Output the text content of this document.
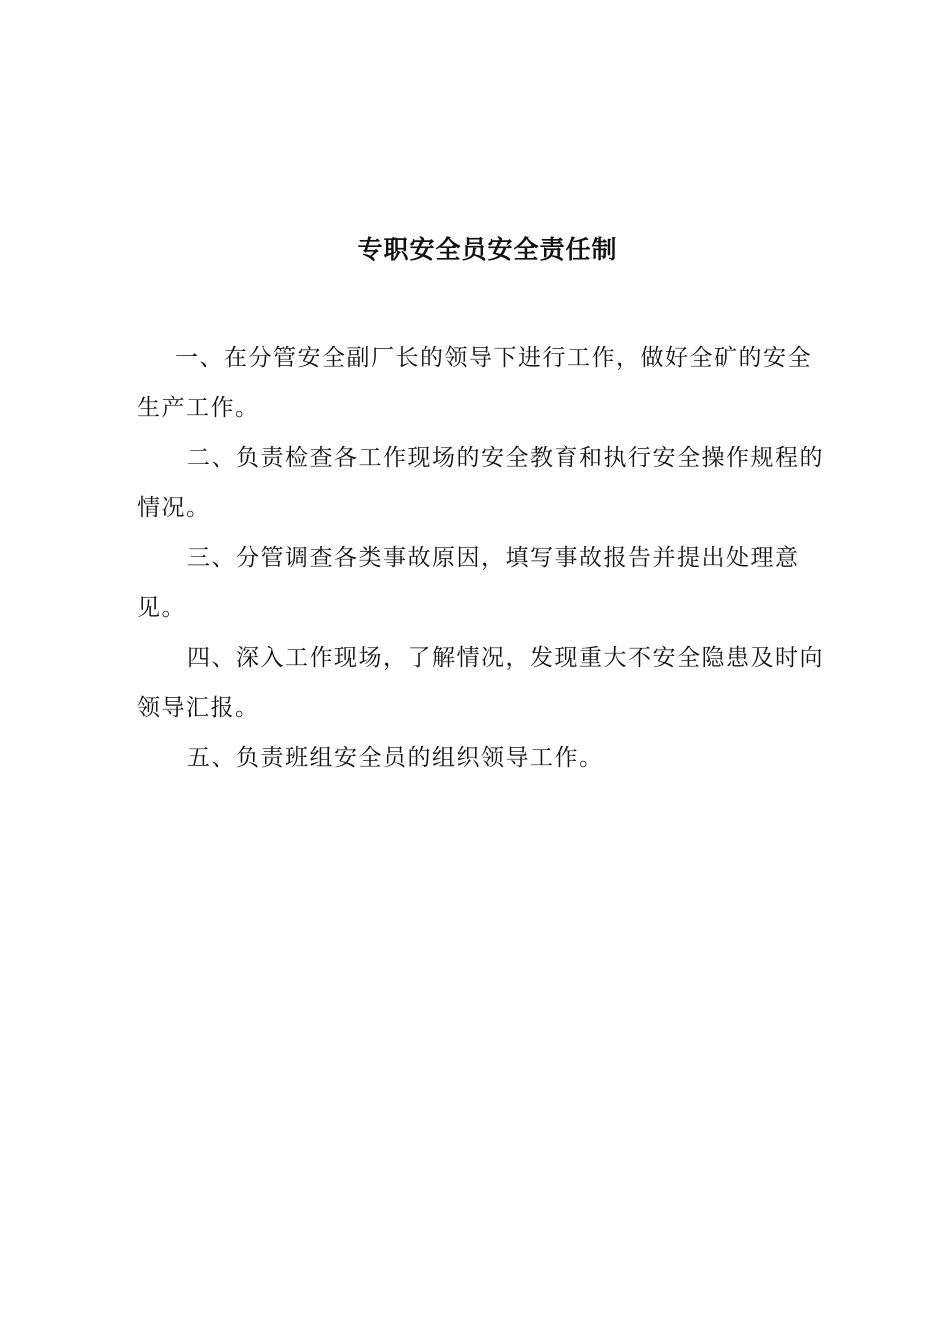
专职安全员安全责任制

一、在分管安全副厂长的领导下进行工作，做好全矿的安全生产工作。

二、负责检查各工作现场的安全教育和执行安全操作规程的情况。

三、分管调查各类事故原因，填写事故报告并提出处理意见。

四、深入工作现场，了解情况，发现重大不安全隐患及时向领导汇报。

五、负责班组安全员的组织领导工作。
